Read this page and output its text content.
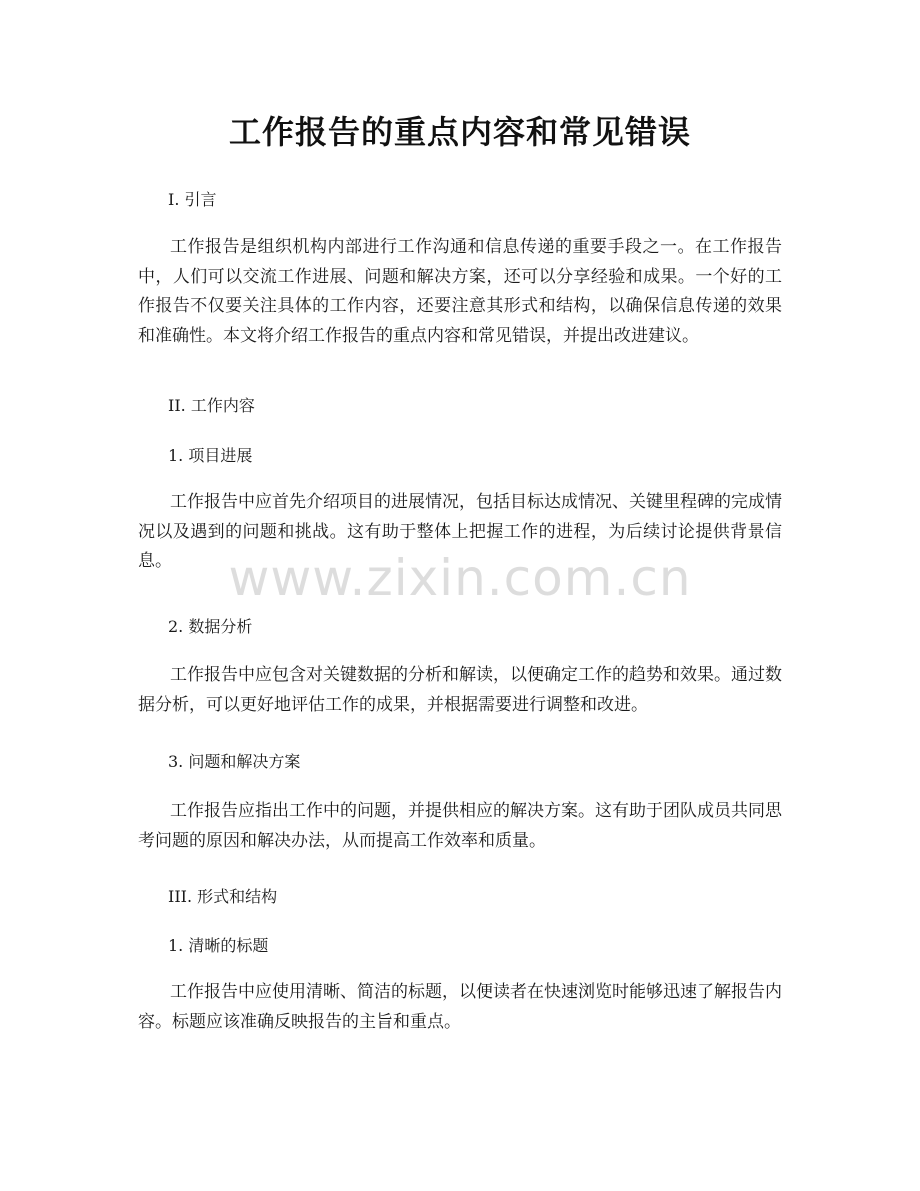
工作报告的重点内容和常见错误

I. 引言

工作报告是组织机构内部进行工作沟通和信息传递的重要手段之一。在工作报告中，人们可以交流工作进展、问题和解决方案，还可以分享经验和成果。一个好的工作报告不仅要关注具体的工作内容，还要注意其形式和结构，以确保信息传递的效果和准确性。本文将介绍工作报告的重点内容和常见错误，并提出改进建议。

II. 工作内容

1. 项目进展

工作报告中应首先介绍项目的进展情况，包括目标达成情况、关键里程碑的完成情况以及遇到的问题和挑战。这有助于整体上把握工作的进程，为后续讨论提供背景信息。

2. 数据分析

工作报告中应包含对关键数据的分析和解读，以便确定工作的趋势和效果。通过数据分析，可以更好地评估工作的成果，并根据需要进行调整和改进。

3. 问题和解决方案

工作报告应指出工作中的问题，并提供相应的解决方案。这有助于团队成员共同思考问题的原因和解决办法，从而提高工作效率和质量。

III. 形式和结构

1. 清晰的标题

工作报告中应使用清晰、简洁的标题，以便读者在快速浏览时能够迅速了解报告内容。标题应该准确反映报告的主旨和重点。

www.zixin.com.cn
